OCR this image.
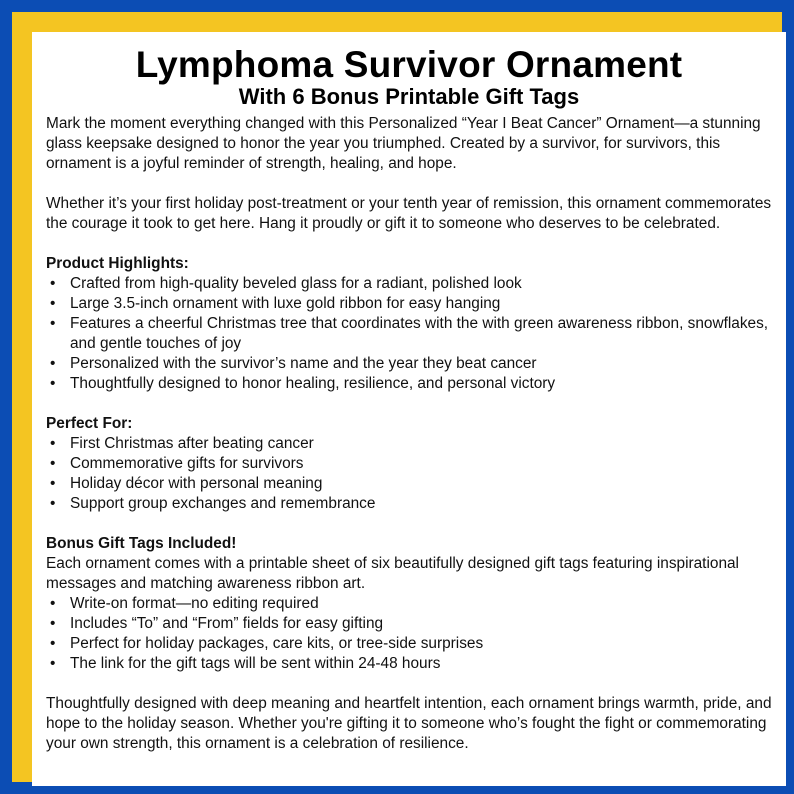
Lymphoma Survivor Ornament
With 6 Bonus Printable Gift Tags

Mark the moment everything changed with this Personalized “Year I Beat Cancer” Ornament—a stunning glass keepsake designed to honor the year you triumphed. Created by a survivor, for survivors, this ornament is a joyful reminder of strength, healing, and hope.

Whether it’s your first holiday post-treatment or your tenth year of remission, this ornament commemorates the courage it took to get here. Hang it proudly or gift it to someone who deserves to be celebrated.

Product Highlights:
• Crafted from high-quality beveled glass for a radiant, polished look
• Large 3.5-inch ornament with luxe gold ribbon for easy hanging
• Features a cheerful Christmas tree that coordinates with the with green awareness ribbon, snowflakes, and gentle touches of joy
• Personalized with the survivor’s name and the year they beat cancer
• Thoughtfully designed to honor healing, resilience, and personal victory
Perfect For:
• First Christmas after beating cancer
• Commemorative gifts for survivors
• Holiday décor with personal meaning
• Support group exchanges and remembrance
Bonus Gift Tags Included!

Each ornament comes with a printable sheet of six beautifully designed gift tags featuring inspirational messages and matching awareness ribbon art.

• Write-on format—no editing required
• Includes “To” and “From” fields for easy gifting
• Perfect for holiday packages, care kits, or tree-side surprises
• The link for the gift tags will be sent within 24-48 hours

Thoughtfully designed with deep meaning and heartfelt intention, each ornament brings warmth, pride, and hope to the holiday season. Whether you're gifting it to someone who’s fought the fight or commemorating your own strength, this ornament is a celebration of resilience.
